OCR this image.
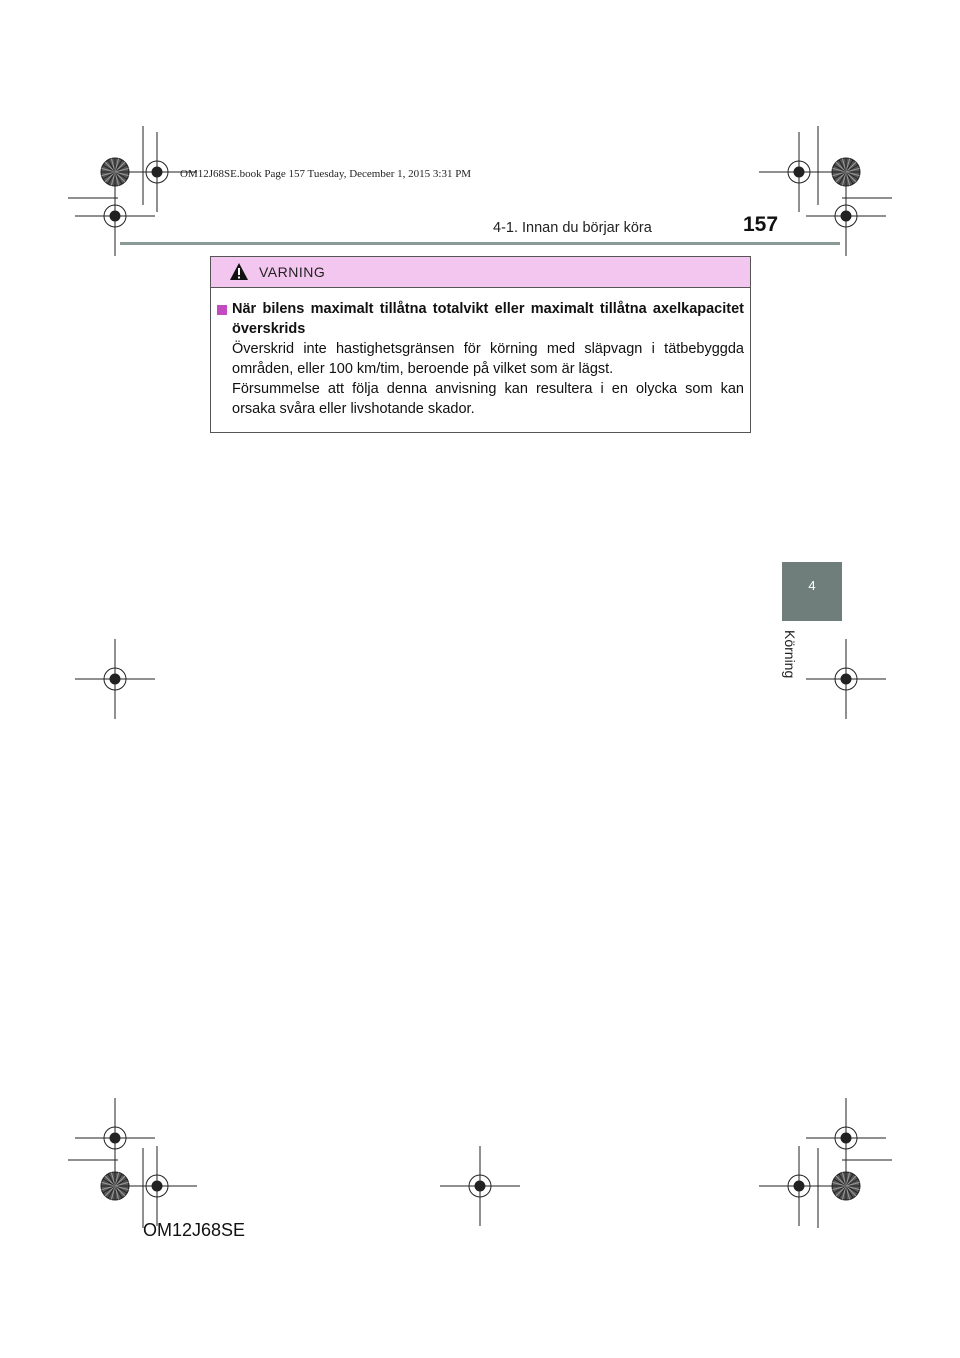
OM12J68SE.book Page 157 Tuesday, December 1, 2015 3:31 PM
4-1. Innan du börjar köra	157
VARNING
När bilens maximalt tillåtna totalvikt eller maximalt tillåtna axelkapacitet överskrids
Överskrid inte hastighetsgränsen för körning med släpvagn i tätbebyggda områden, eller 100 km/tim, beroende på vilket som är lägst.
Försummelse att följa denna anvisning kan resultera i en olycka som kan orsaka svåra eller livshotande skador.
4
Körning
OM12J68SE
